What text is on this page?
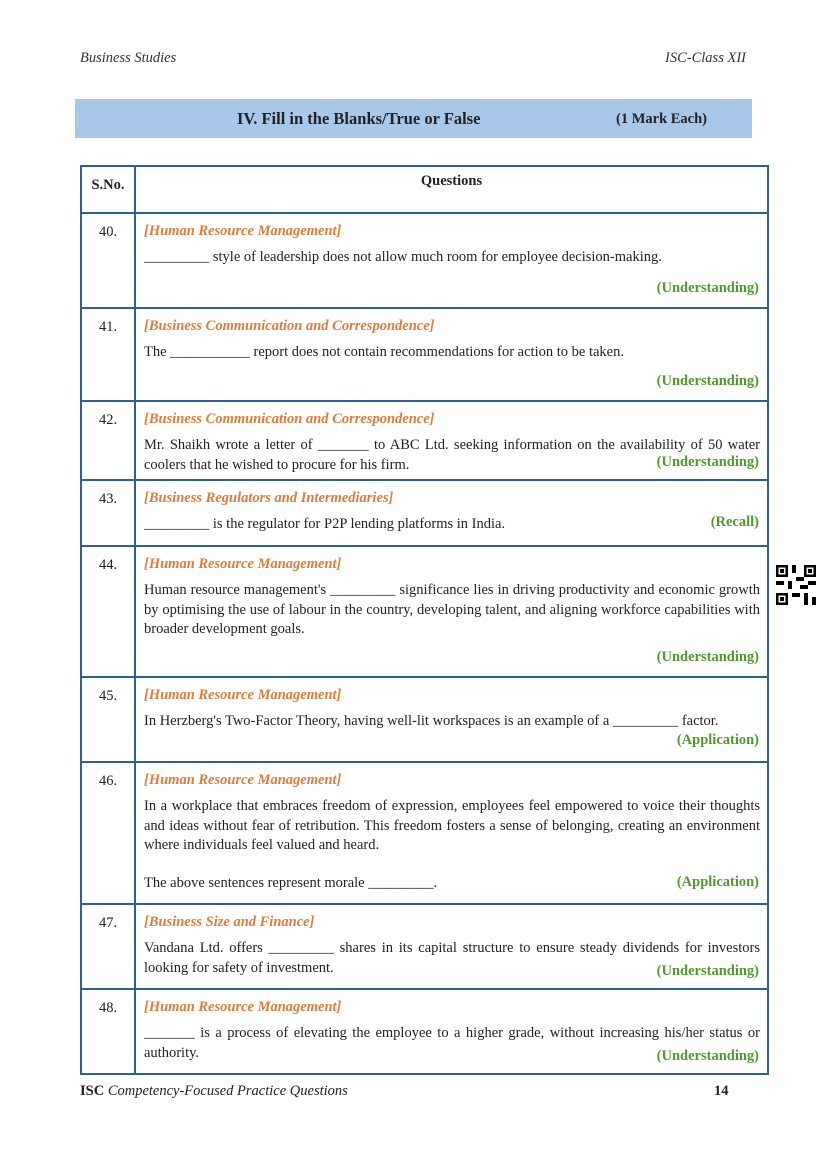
Business Studies	ISC-Class XII
IV. Fill in the Blanks/True or False	(1 Mark Each)
S.No.	Questions
40.	[Human Resource Management]
_________ style of leadership does not allow much room for employee decision-making.
(Understanding)

41.	[Business Communication and Correspondence]
The ___________ report does not contain recommendations for action to be taken.
(Understanding)

42.	[Business Communication and Correspondence]
Mr. Shaikh wrote a letter of _______ to ABC Ltd. seeking information on the availability of 50 water coolers that he wished to procure for his firm. (Understanding)

43.	[Business Regulators and Intermediaries]
_________ is the regulator for P2P lending platforms in India. (Recall)

44.	[Human Resource Management]
Human resource management's _________ significance lies in driving productivity and economic growth by optimising the use of labour in the country, developing talent, and aligning workforce capabilities with broader development goals.
(Understanding)

45.	[Human Resource Management]
In Herzberg's Two-Factor Theory, having well-lit workspaces is an example of a _________ factor.
(Application)

46.	[Human Resource Management]
In a workplace that embraces freedom of expression, employees feel empowered to voice their thoughts and ideas without fear of retribution. This freedom fosters a sense of belonging, creating an environment where individuals feel valued and heard.
The above sentences represent morale _________. (Application)

47.	[Business Size and Finance]
Vandana Ltd. offers _________ shares in its capital structure to ensure steady dividends for investors looking for safety of investment. (Understanding)

48.	[Human Resource Management]
_______ is a process of elevating the employee to a higher grade, without increasing his/her status or authority. (Understanding)
ISC Competency-Focused Practice Questions	14
